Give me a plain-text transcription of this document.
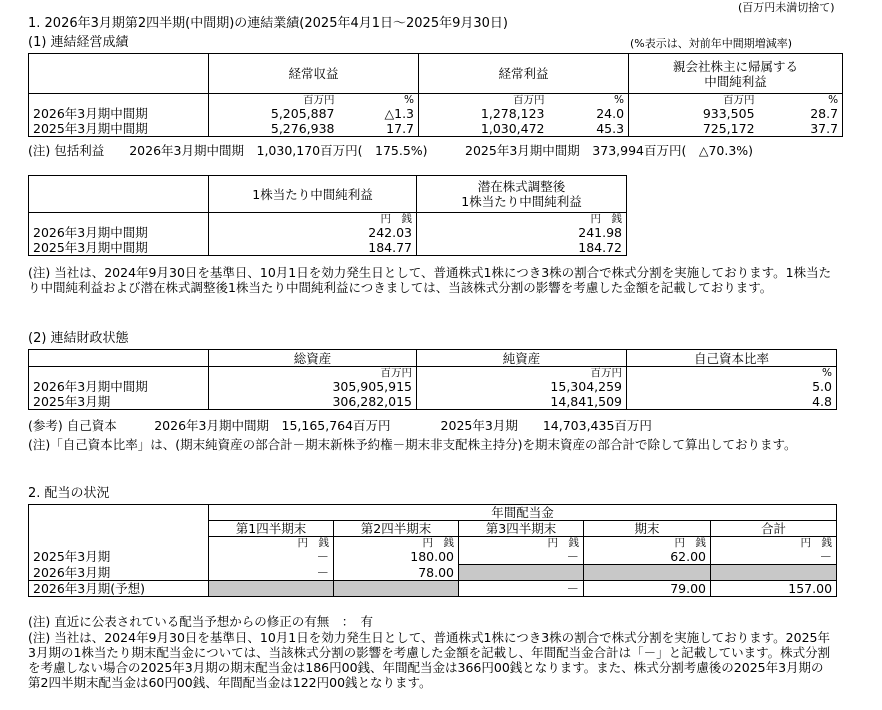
(百万円未満切捨て)
1. 2026年3月期第2四半期(中間期)の連結業績(2025年4月1日～2025年9月30日)
(1) 連結経営成績	(%表示は、対前年中間期増減率)
	経常収益		経常利益		親会社株主に帰属する
中間純利益	
	百万円	%	百万円	%	百万円	%
2026年3月期中間期	5,205,887	△1.3	1,278,123	24.0	933,505	28.7
2025年3月期中間期	5,276,938	17.7	1,030,472	45.3	725,172	37.7
(注) 包括利益　　2026年3月期中間期　1,030,170百万円(　175.5%)　　　2025年3月期中間期　373,994百万円(　△70.3%)
	1株当たり中間純利益	潜在株式調整後
1株当たり中間純利益
	円　銭	円　銭
2026年3月期中間期	242.03	241.98
2025年3月期中間期	184.77	184.72
(注) 当社は、2024年9月30日を基準日、10月1日を効力発生日として、普通株式1株につき3株の割合で株式分割を実施しております。1株当たり中間純利益および潜在株式調整後1株当たり中間純利益につきましては、当該株式分割の影響を考慮した金額を記載しております。
(2) 連結財政状態
	総資産	純資産	自己資本比率
	百万円	百万円	%
2026年3月期中間期	305,905,915	15,304,259	5.0
2025年3月期	306,282,015	14,841,509	4.8
(参考) 自己資本　　　2026年3月期中間期　15,165,764百万円　　　　2025年3月期　　14,703,435百万円
(注)「自己資本比率」は、(期末純資産の部合計－期末新株予約権－期末非支配株主持分)を期末資産の部合計で除して算出しております。
2. 配当の状況
	年間配当金				
	第1四半期末	第2四半期末	第3四半期末	期末	合計
	円　銭	円　銭	円　銭	円　銭	円　銭
2025年3月期	－	180.00	－	62.00	－
2026年3月期	－	78.00			
2026年3月期(予想)			－	79.00	157.00
(注) 直近に公表されている配当予想からの修正の有無　：　有
(注) 当社は、2024年9月30日を基準日、10月1日を効力発生日として、普通株式1株につき3株の割合で株式分割を実施しております。2025年3月期の1株当たり期末配当金については、当該株式分割の影響を考慮した金額を記載し、年間配当金合計は「－」と記載しています。株式分割を考慮しない場合の2025年3月期の期末配当金は186円00銭、年間配当金は366円00銭となります。また、株式分割考慮後の2025年3月期の第2四半期末配当金は60円00銭、年間配当金は122円00銭となります。
